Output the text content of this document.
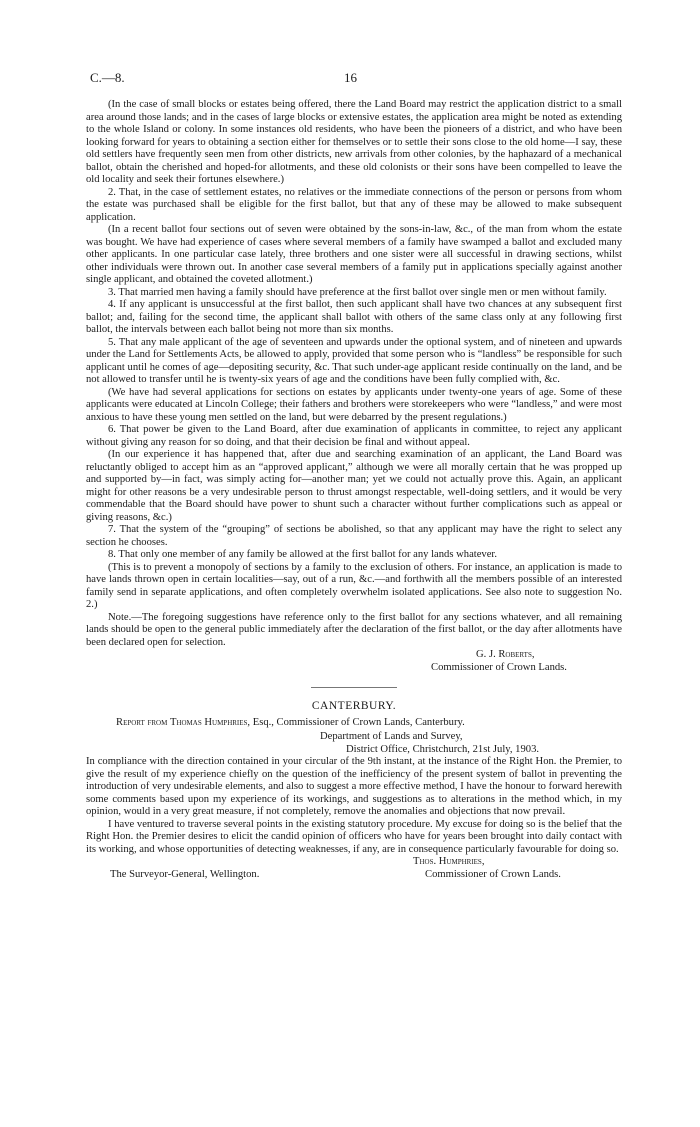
C.—8.	16

(In the case of small blocks or estates being offered, there the Land Board may restrict the application district to a small area around those lands; and in the cases of large blocks or extensive estates, the application area might be noted as extending to the whole Island or colony. In some instances old residents, who have been the pioneers of a district, and who have been looking forward for years to obtaining a section either for themselves or to settle their sons close to the old home—I say, these old settlers have frequently seen men from other districts, new arrivals from other colonies, by the haphazard of a mechanical ballot, obtain the cherished and hoped-for allotments, and these old colonists or their sons have been compelled to leave the old locality and seek their fortunes elsewhere.)

2. That, in the case of settlement estates, no relatives or the immediate connections of the person or persons from whom the estate was purchased shall be eligible for the first ballot, but that any of these may be allowed to make subsequent application.

(In a recent ballot four sections out of seven were obtained by the sons-in-law, &c., of the man from whom the estate was bought. We have had experience of cases where several members of a family have swamped a ballot and excluded many other applicants. In one particular case lately, three brothers and one sister were all successful in drawing sections, whilst other individuals were thrown out. In another case several members of a family put in applications specially against another single applicant, and obtained the coveted allotment.)

3. That married men having a family should have preference at the first ballot over single men or men without family.

4. If any applicant is unsuccessful at the first ballot, then such applicant shall have two chances at any subsequent first ballot; and, failing for the second time, the applicant shall ballot with others of the same class only at any following first ballot, the intervals between each ballot being not more than six months.

5. That any male applicant of the age of seventeen and upwards under the optional system, and of nineteen and upwards under the Land for Settlements Acts, be allowed to apply, provided that some person who is “landless” be responsible for such applicant until he comes of age—depositing security, &c. That such under-age applicant reside continually on the land, and be not allowed to transfer until he is twenty-six years of age and the conditions have been fully complied with, &c.

(We have had several applications for sections on estates by applicants under twenty-one years of age. Some of these applicants were educated at Lincoln College; their fathers and brothers were storekeepers who were “landless,” and were most anxious to have these young men settled on the land, but were debarred by the present regulations.)

6. That power be given to the Land Board, after due examination of applicants in committee, to reject any applicant without giving any reason for so doing, and that their decision be final and without appeal.

(In our experience it has happened that, after due and searching examination of an applicant, the Land Board was reluctantly obliged to accept him as an “approved applicant,” although we were all morally certain that he was propped up and supported by—in fact, was simply acting for—another man; yet we could not actually prove this. Again, an applicant might for other reasons be a very undesirable person to thrust amongst respectable, well-doing settlers, and it would be very commendable that the Board should have power to shunt such a character without further complications such as appeal or giving reasons, &c.)

7. That the system of the “grouping” of sections be abolished, so that any applicant may have the right to select any section he chooses.

8. That only one member of any family be allowed at the first ballot for any lands whatever.

(This is to prevent a monopoly of sections by a family to the exclusion of others. For instance, an application is made to have lands thrown open in certain localities—say, out of a run, &c.—and forthwith all the members possible of an interested family send in separate applications, and often completely overwhelm isolated applications. See also note to suggestion No. 2.)

Note.—The foregoing suggestions have reference only to the first ballot for any sections whatever, and all remaining lands should be open to the general public immediately after the declaration of the first ballot, or the day after allotments have been declared open for selection.

G. J. Roberts,

Commissioner of Crown Lands.

CANTERBURY.

Report from Thomas Humphries, Esq., Commissioner of Crown Lands, Canterbury.

Department of Lands and Survey,

District Office, Christchurch, 21st July, 1903.

In compliance with the direction contained in your circular of the 9th instant, at the instance of the Right Hon. the Premier, to give the result of my experience chiefly on the question of the inefficiency of the present system of ballot in preventing the introduction of very undesirable elements, and also to suggest a more effective method, I have the honour to forward herewith some comments based upon my experience of its workings, and suggestions as to alterations in the method which, in my opinion, would in a very great measure, if not completely, remove the anomalies and objections that now prevail.

I have ventured to traverse several points in the existing statutory procedure. My excuse for doing so is the belief that the Right Hon. the Premier desires to elicit the candid opinion of officers who have for years been brought into daily contact with its working, and whose opportunities of detecting weaknesses, if any, are in consequence particularly favourable for doing so.

Thos. Humphries,
The Surveyor-General, Wellington.	Commissioner of Crown Lands.
